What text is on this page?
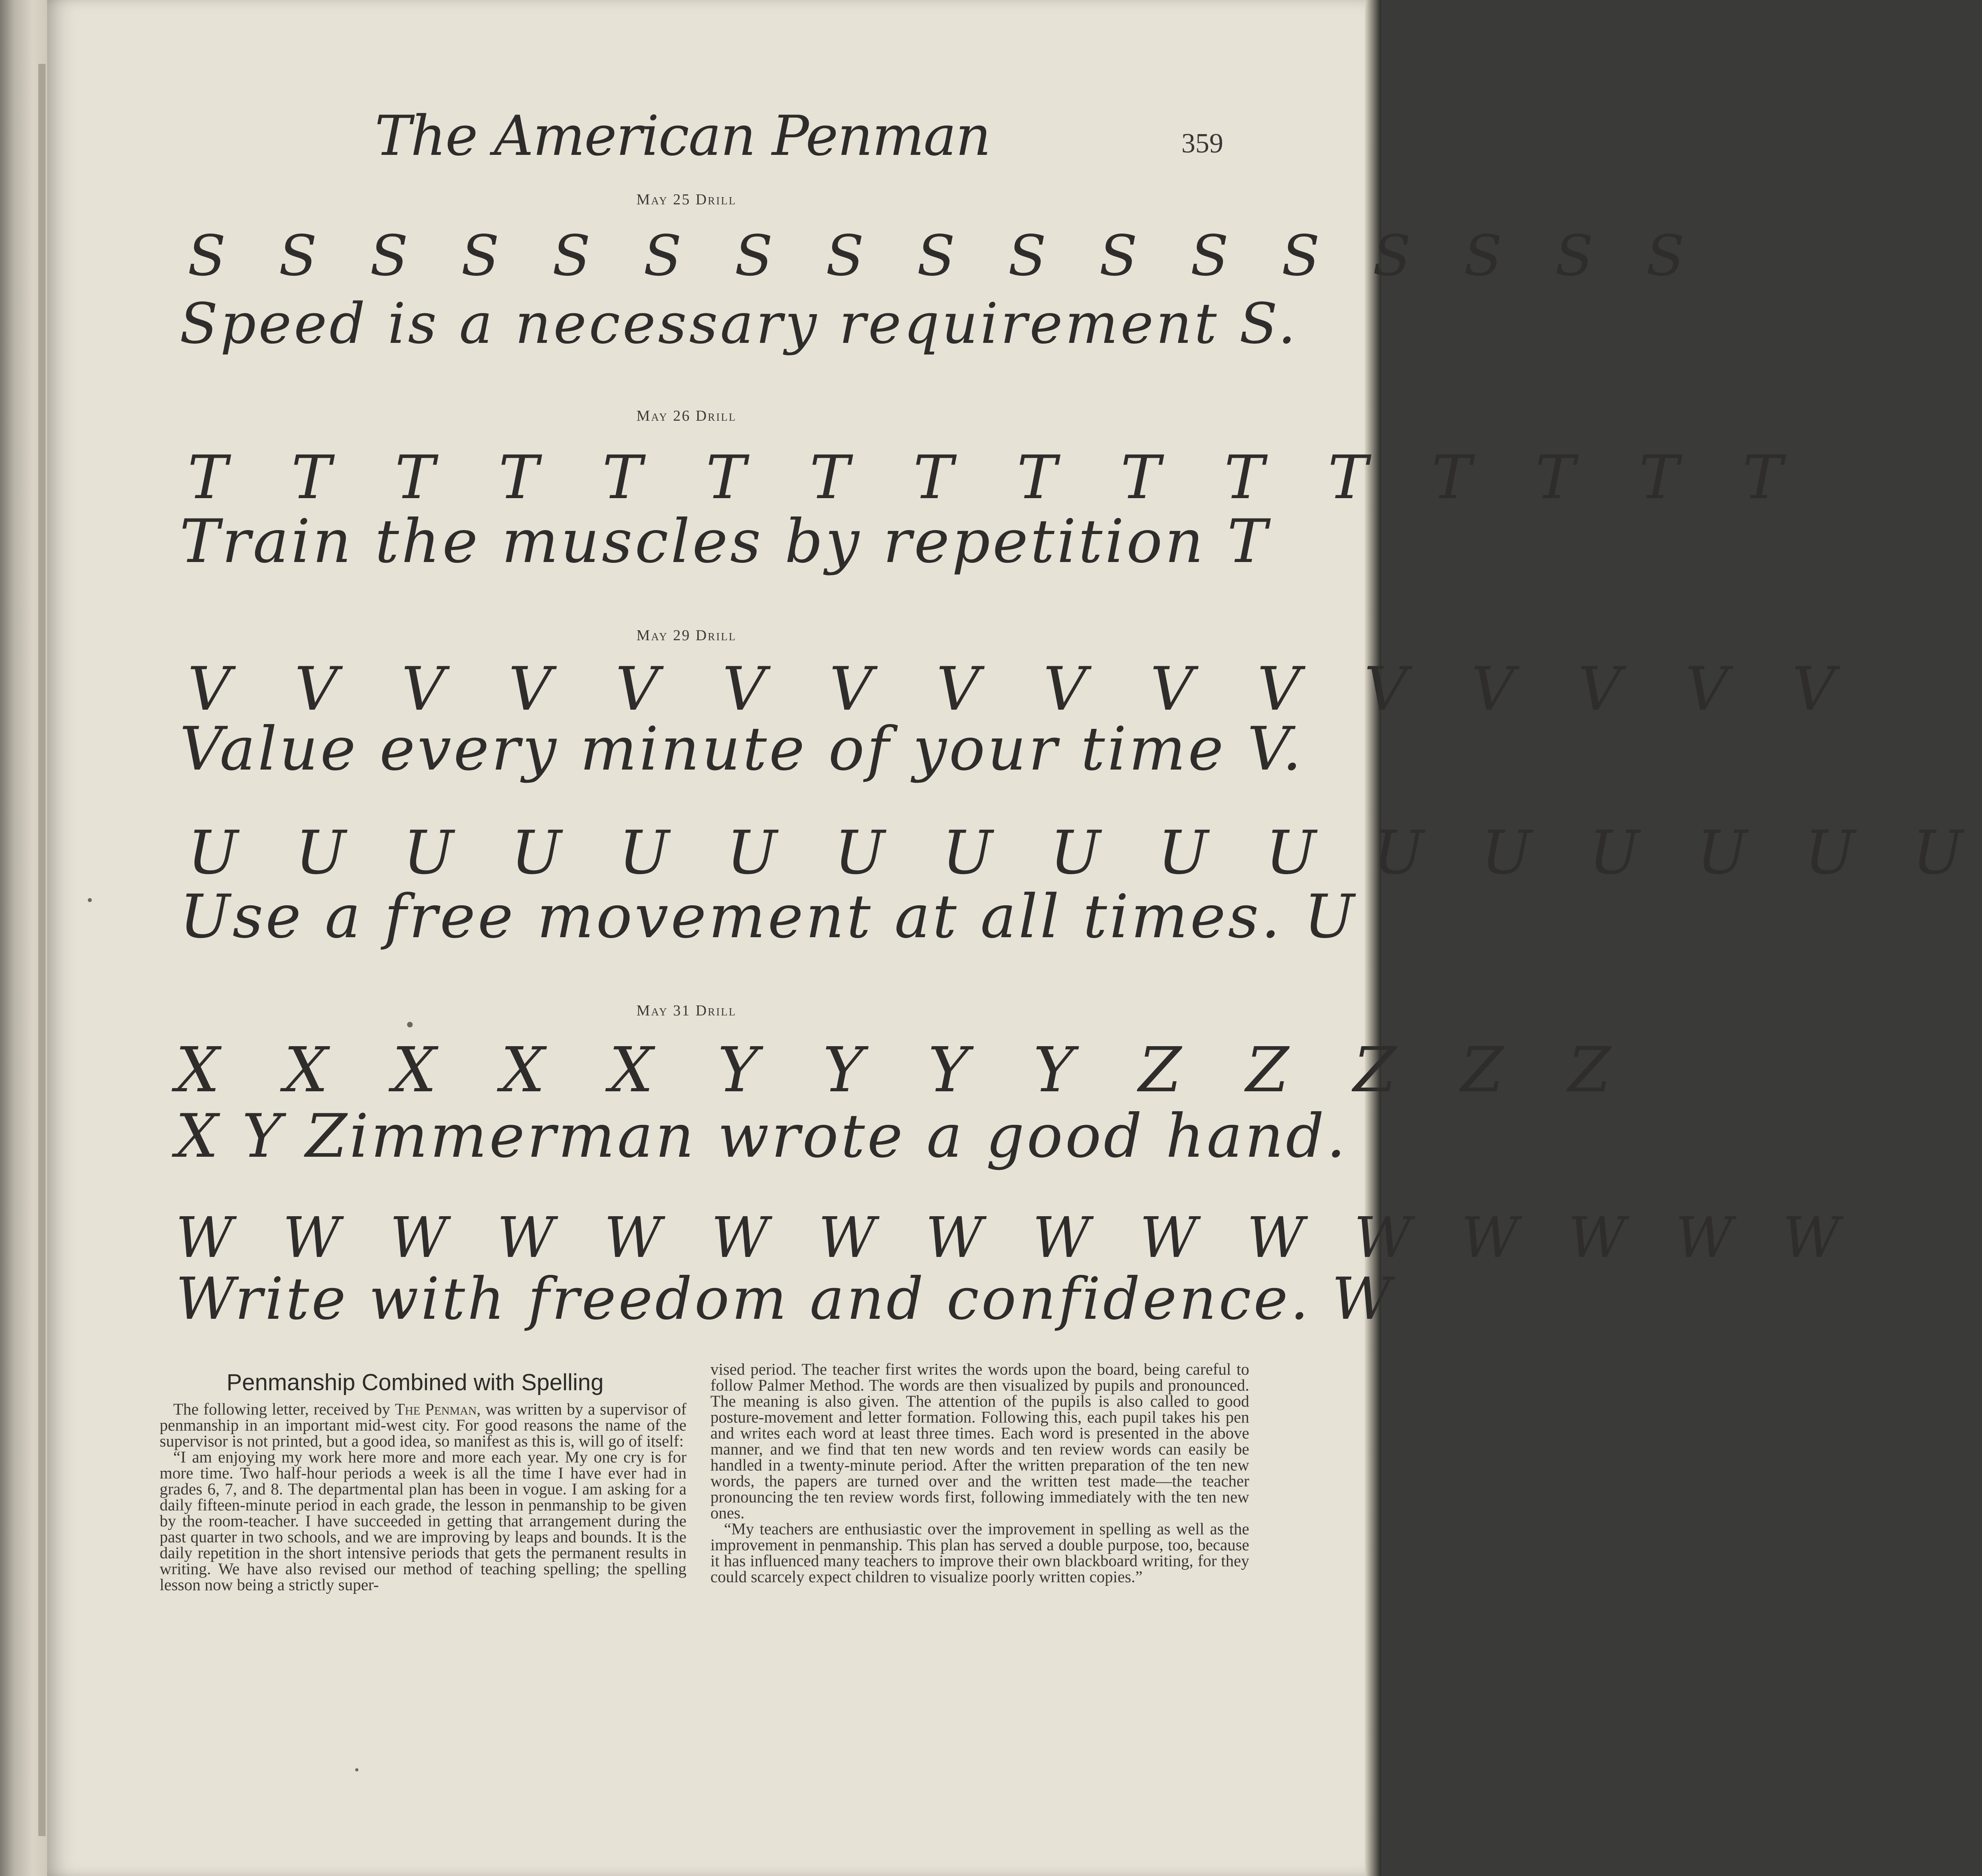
The American Penman	359
May 25 Drill
S S S S S S S S S S S S S S S S S
Speed is a necessary requirement S.
May 26 Drill
T T T T T T T T T T T T T T T T
Train the muscles by repetition T
May 29 Drill
V V V V V V V V V V V V V V V V
Value every minute of your time V.
U U U U U U U U U U U U U U U U U
Use a free movement at all times. U
May 31 Drill
X X X X X Y Y Y Y Z Z Z Z Z
X Y Zimmerman wrote a good hand.
W W W W W W W W W W W W W W W W
Write with freedom and confidence. W
Penmanship Combined with Spelling

The following letter, received by The Penman, was written by a supervisor of penmanship in an important mid-west city. For good reasons the name of the supervisor is not printed, but a good idea, so manifest as this is, will go of itself:

“I am enjoying my work here more and more each year. My one cry is for more time. Two half-hour periods a week is all the time I have ever had in grades 6, 7, and 8. The departmental plan has been in vogue. I am asking for a daily fifteen-minute period in each grade, the lesson in penmanship to be given by the room-teacher. I have succeeded in getting that arrangement during the past quarter in two schools, and we are improving by leaps and bounds. It is the daily repetition in the short intensive periods that gets the permanent results in writing. We have also revised our method of teaching spelling; the spelling lesson now being a strictly super-

vised period. The teacher first writes the words upon the board, being careful to follow Palmer Method. The words are then visualized by pupils and pronounced. The meaning is also given. The attention of the pupils is also called to good posture-movement and letter formation. Following this, each pupil takes his pen and writes each word at least three times. Each word is presented in the above manner, and we find that ten new words and ten review words can easily be handled in a twenty-minute period. After the written preparation of the ten new words, the papers are turned over and the written test made—the teacher pronouncing the ten review words first, following immediately with the ten new ones.

“My teachers are enthusiastic over the improvement in spelling as well as the improvement in penmanship. This plan has served a double purpose, too, because it has influenced many teachers to improve their own blackboard writing, for they could scarcely expect children to visualize poorly written copies.”
